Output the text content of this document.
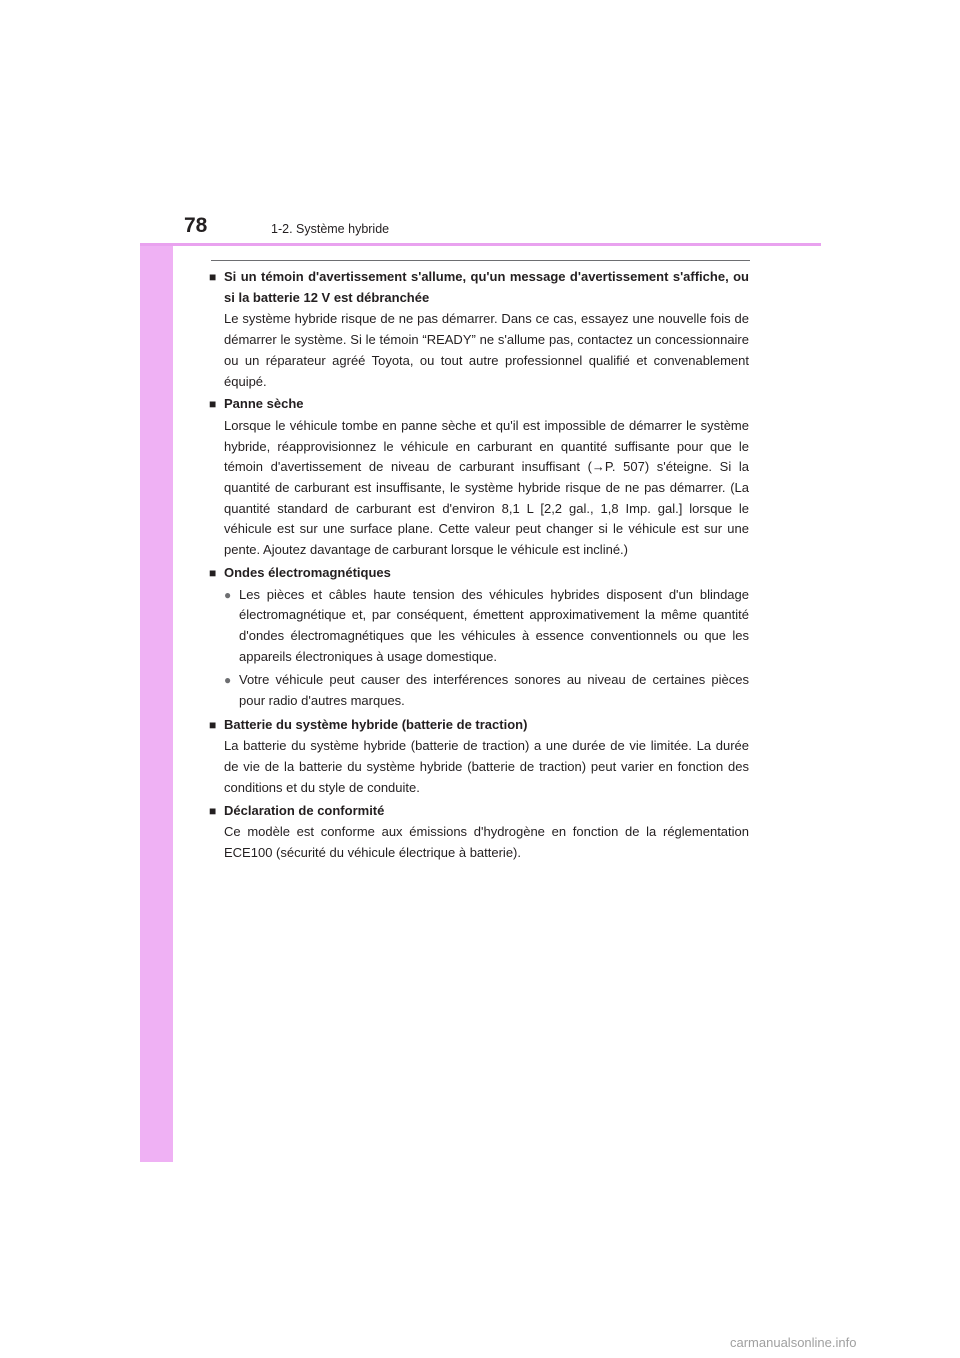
78	1-2. Système hybride
■ Si un témoin d'avertissement s'allume, qu'un message d'avertissement s'affiche, ou si la batterie 12 V est débranchée
Le système hybride risque de ne pas démarrer. Dans ce cas, essayez une nouvelle fois de démarrer le système. Si le témoin “READY” ne s'allume pas, contactez un concessionnaire ou un réparateur agréé Toyota, ou tout autre professionnel qualifié et convenablement équipé.
■ Panne sèche
Lorsque le véhicule tombe en panne sèche et qu'il est impossible de démarrer le système hybride, réapprovisionnez le véhicule en carburant en quantité suffisante pour que le témoin d'avertissement de niveau de carburant insuffisant (→P. 507) s'éteigne. Si la quantité de carburant est insuffisante, le système hybride risque de ne pas démarrer. (La quantité standard de carburant est d'environ 8,1 L [2,2 gal., 1,8 Imp. gal.] lorsque le véhicule est sur une surface plane. Cette valeur peut changer si le véhicule est sur une pente. Ajoutez davantage de carburant lorsque le véhicule est incliné.)
■ Ondes électromagnétiques
● Les pièces et câbles haute tension des véhicules hybrides disposent d'un blindage électromagnétique et, par conséquent, émettent approximativement la même quantité d'ondes électromagnétiques que les véhicules à essence conventionnels ou que les appareils électroniques à usage domestique.
● Votre véhicule peut causer des interférences sonores au niveau de certaines pièces pour radio d'autres marques.
■ Batterie du système hybride (batterie de traction)
La batterie du système hybride (batterie de traction) a une durée de vie limitée. La durée de vie de la batterie du système hybride (batterie de traction) peut varier en fonction des conditions et du style de conduite.
■ Déclaration de conformité
Ce modèle est conforme aux émissions d'hydrogène en fonction de la réglementation ECE100 (sécurité du véhicule électrique à batterie).
carmanualsonline.info
